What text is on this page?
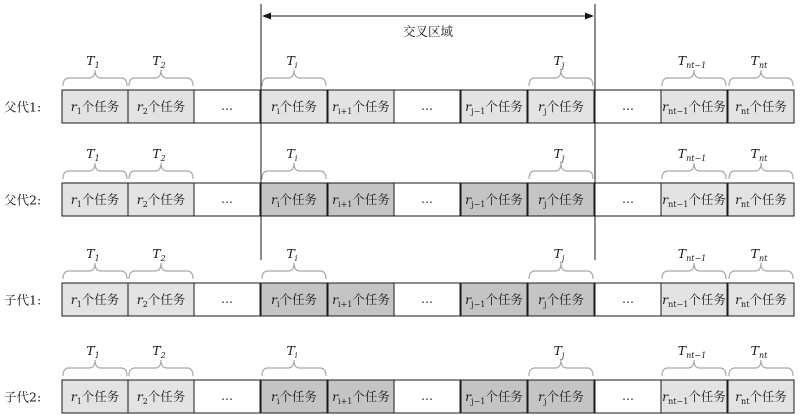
交叉区域
父代1: $r_1$个任务
$T_1$
$r_2$个任务
$T_2$
…	$r_i$个任务
$T_i$
$r_{i+1}$个任务	…	$r_{j-1}$个任务 $r_j$个任务
$T_j$
… $r_{nt-1}$个任务
$T_{nt-1}$
$r_{nt}$个任务
$T_{nt}$
父代2: $r_1$个任务
$T_1$
$r_2$个任务
$T_2$
…	$r_i$个任务
$T_i$
$r_{i+1}$个任务	…	$r_{j-1}$个任务 $r_j$个任务
$T_j$
… $r_{nt-1}$个任务
$T_{nt-1}$
$r_{nt}$个任务
$T_{nt}$
子代1: $r_1$个任务
$T_1$
$r_2$个任务
$T_2$
…	$r_i$个任务
$T_i$
$r_{i+1}$个任务	…	$r_{j-1}$个任务 $r_j$个任务
$T_j$
… $r_{nt-1}$个任务
$T_{nt-1}$
$r_{nt}$个任务
$T_{nt}$
子代2: $r_1$个任务
$T_1$
$r_2$个任务
$T_2$
…	$r_i$个任务
$T_i$
$r_{i+1}$个任务	…	$r_{j-1}$个任务 $r_j$个任务
$T_j$
… $r_{nt-1}$个任务
$T_{nt-1}$
$r_{nt}$个任务
$T_{nt}$
